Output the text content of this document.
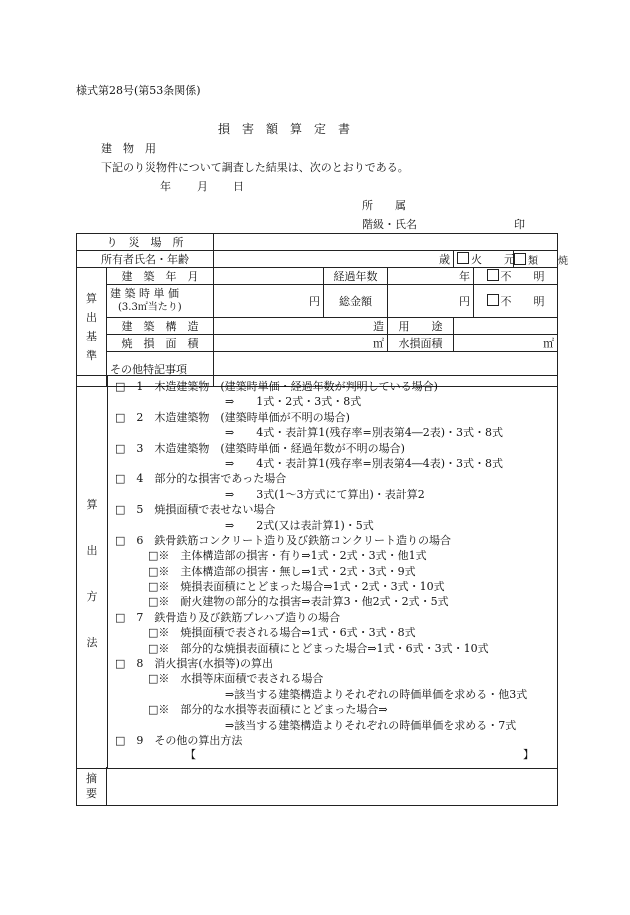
様式第28号(第53条関係)
損　害　額　算　定　書
建　物　用
下記のり災物件について調査した結果は、次のとおりである。
年 月 日
所　　属
階級・氏名	印
り　災　場　所							
所有者氏名・年齢		歳			火　　元		類　　焼
算
出
基
準	建　築　年　月		経過年数	年		不　　明	

	建 築 時 単 価
(3.3㎡当たり)	円	総金額	円		不　　明	
	建　築　構　造	造		用　　途			
	焼　損　面　積	㎡		水損面積	㎡		
	その他特記事項						
算
出
方
法
□　1　木造建築物　(建築時単価・経過年数が判明している場合)
　　　　　　　　　　⇒　　1式・2式・3式・8式
□　2　木造建築物　(建築時単価が不明の場合)
　　　　　　　　　　⇒　　4式・表計算1(残存率=別表第4―2表)・3式・8式
□　3　木造建築物　(建築時単価・経過年数が不明の場合)
　　　　　　　　　　⇒　　4式・表計算1(残存率=別表第4―4表)・3式・8式
□　4　部分的な損害であった場合
　　　　　　　　　　⇒　　3式(1～3方式にて算出)・表計算2
□　5　焼損面積で表せない場合
　　　　　　　　　　⇒　　2式(又は表計算1)・5式
□　6　鉄骨鉄筋コンクリート造り及び鉄筋コンクリート造りの場合
　　　□※　主体構造部の損害・有り⇒1式・2式・3式・他1式
　　　□※　主体構造部の損害・無し⇒1式・2式・3式・9式
　　　□※　焼損表面積にとどまった場合⇒1式・2式・3式・10式
　　　□※　耐火建物の部分的な損害⇒表計算3・他2式・2式・5式
□　7　鉄骨造り及び鉄筋プレハブ造りの場合
　　　□※　焼損面積で表される場合⇒1式・6式・3式・8式
　　　□※　部分的な焼損表面積にとどまった場合⇒1式・6式・3式・10式
□　8　消火損害(水損等)の算出
　　　□※　水損等床面積で表される場合
　　　　　　　　　　⇒該当する建築構造よりそれぞれの時価単価を求める・他3式
　　　□※　部分的な水損等表面積にとどまった場合⇒
　　　　　　　　　　⇒該当する建築構造よりそれぞれの時価単価を求める・7式
□　9　その他の算出方法
【	】
摘
要
